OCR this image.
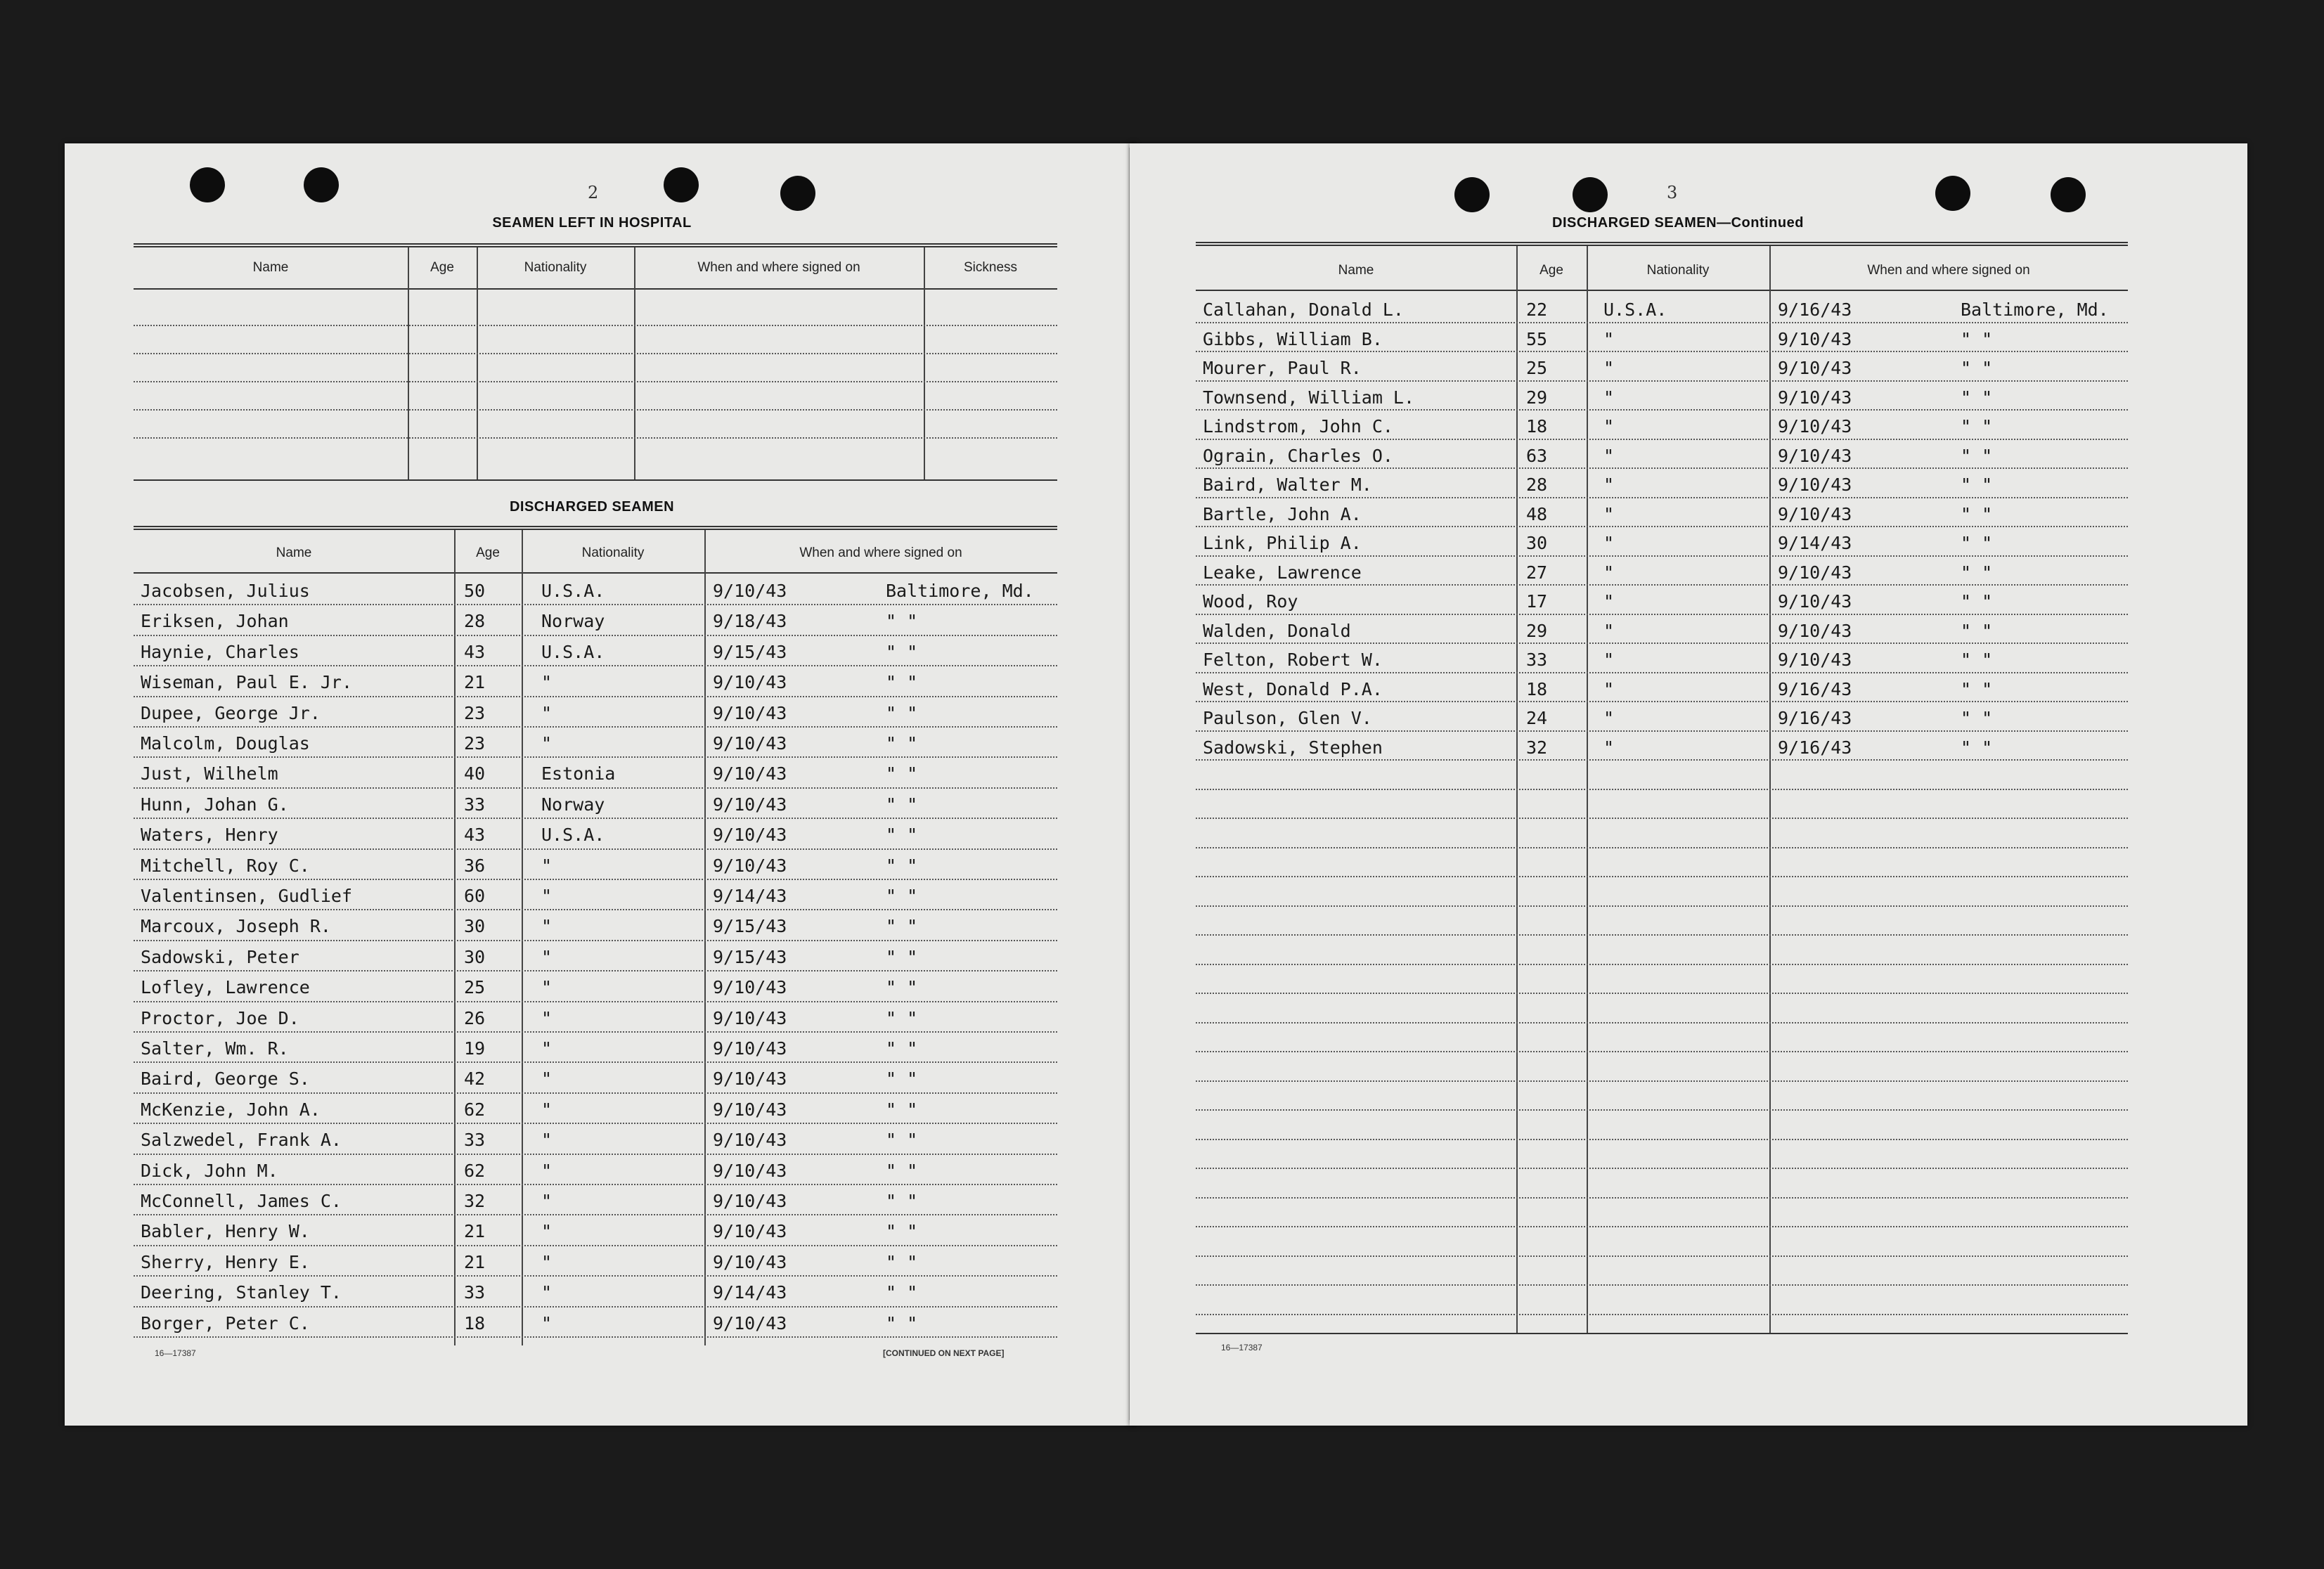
2
SEAMEN LEFT IN HOSPITAL
Name	Age	Nationality	When and where signed on	Sickness
DISCHARGED SEAMEN
Name	Age	Nationality	When and where signed on
Jacobsen, Julius	50	U.S.A.	9/10/43	Baltimore, Md.
Eriksen, Johan	28	Norway	9/18/43	" "
Haynie, Charles	43	U.S.A.	9/15/43	" "
Wiseman, Paul E. Jr.	21	"	9/10/43	" "
Dupee, George Jr.	23	"	9/10/43	" "
Malcolm, Douglas	23	"	9/10/43	" "
Just, Wilhelm	40	Estonia	9/10/43	" "
Hunn, Johan G.	33	Norway	9/10/43	" "
Waters, Henry	43	U.S.A.	9/10/43	" "
Mitchell, Roy C.	36	"	9/10/43	" "
Valentinsen, Gudlief	60	"	9/14/43	" "
Marcoux, Joseph R.	30	"	9/15/43	" "
Sadowski, Peter	30	"	9/15/43	" "
Lofley, Lawrence	25	"	9/10/43	" "
Proctor, Joe D.	26	"	9/10/43	" "
Salter, Wm. R.	19	"	9/10/43	" "
Baird, George S.	42	"	9/10/43	" "
McKenzie, John A.	62	"	9/10/43	" "
Salzwedel, Frank A.	33	"	9/10/43	" "
Dick, John M.	62	"	9/10/43	" "
McConnell, James C.	32	"	9/10/43	" "
Babler, Henry W.	21	"	9/10/43	" "
Sherry, Henry E.	21	"	9/10/43	" "
Deering, Stanley T.	33	"	9/14/43	" "
Borger, Peter C.	18	"	9/10/43	" "
16—17387	[CONTINUED ON NEXT PAGE]
3
DISCHARGED SEAMEN—Continued
Name	Age	Nationality	When and where signed on
Callahan, Donald L.	22	U.S.A.	9/16/43	Baltimore, Md.
Gibbs, William B.	55	"	9/10/43	" "
Mourer, Paul R.	25	"	9/10/43	" "
Townsend, William L.	29	"	9/10/43	" "
Lindstrom, John C.	18	"	9/10/43	" "
Ograin, Charles O.	63	"	9/10/43	" "
Baird, Walter M.	28	"	9/10/43	" "
Bartle, John A.	48	"	9/10/43	" "
Link, Philip A.	30	"	9/14/43	" "
Leake, Lawrence	27	"	9/10/43	" "
Wood, Roy	17	"	9/10/43	" "
Walden, Donald	29	"	9/10/43	" "
Felton, Robert W.	33	"	9/10/43	" "
West, Donald P.A.	18	"	9/16/43	" "
Paulson, Glen V.	24	"	9/16/43	" "
Sadowski, Stephen	32	"	9/16/43	" "
16—17387
